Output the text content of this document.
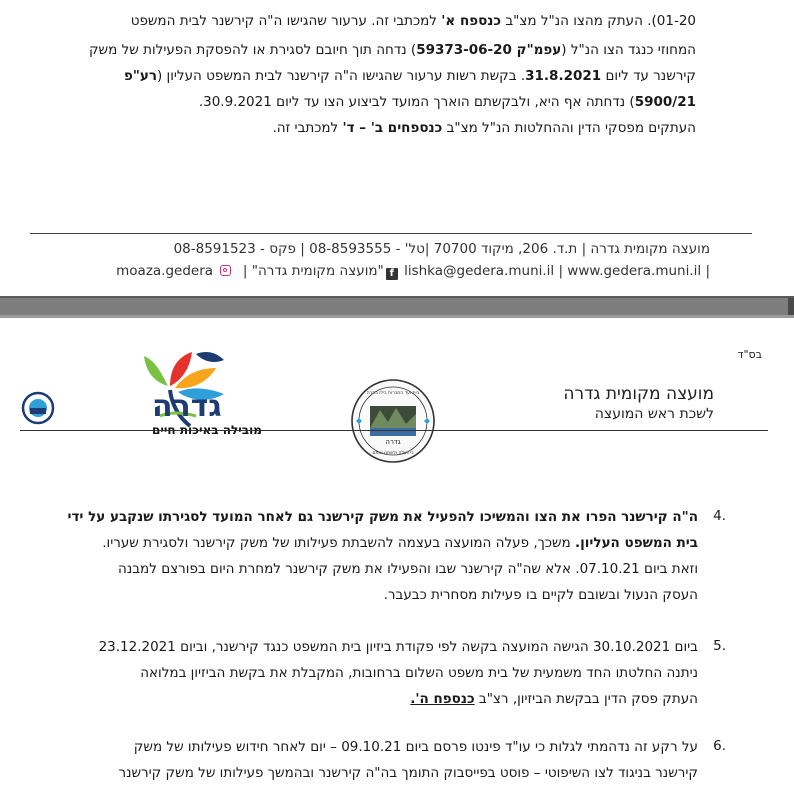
01-20). העתק מהצו הנ"ל מצ"ב כנספח א' למכתבי זה. ערעור שהגישו ה"ה קירשנר לבית המשפט
המחוזי כנגד הצו הנ"ל (עפמ"ק 59373-06-20) נדחה תוך חיובם לסגירת או להפסקת הפעילות של משק
קירשנר עד ליום 31.8.2021. בקשת רשות ערעור שהגישו ה"ה קירשנר לבית המשפט העליון (רע"פ
5900/21) נדחתה אף היא, ולבקשתם הוארך המועד לביצוע הצו עד ליום 30.9.2021.
העתקים מפסקי הדין וההחלטות הנ"ל מצ"ב כנספחים ב' – ד' למכתבי זה.
מועצה מקומית גדרה | ת.ד. 206, מיקוד 70700 |טל' - 08-8593555 | פקס - 08-8591523
moaza.gedera "מועצה מקומית גדרה" | f lishka@gedera.muni.il | www.gedera.muni.il |
בס"ד
גדרה
מובילה באיכות חיים
גדרה
בית ועד החברות בילו בהרה
כי נעלה ולשתנו אותם
מועצה מקומית גדרה
לשכת ראש המועצה
4.
ה"ה קירשנר הפרו את הצו והמשיכו להפעיל את משק קירשנר גם לאחר המועד לסגירתו שנקבע על ידי
בית המשפט העליון. משכך, פעלה המועצה בעצמה להשבתת פעילותו של משק קירשנר ולסגירת שעריו.
וזאת ביום 07.10.21. אלא שה"ה קירשנר שבו והפעילו את משק קירשנר למחרת היום בפורצם למבנה
העסק הנעול ובשובם לקיים בו פעילות מסחרית כבעבר.
5.
ביום 30.10.2021 הגישה המועצה בקשה לפי פקודת ביזיון בית המשפט כנגד קירשנר, וביום 23.12.2021
ניתנה החלטתו החד משמעית של בית משפט השלום ברחובות, המקבלת את בקשת הביזיון במלואה
העתק פסק הדין בבקשת הביזיון, רצ"ב כנספח ה'.
6.
על רקע זה נדהמתי לגלות כי עו"ד פינטו פרסם ביום 09.10.21 – יום לאחר חידוש פעילותו של משק
קירשנר בניגוד לצו השיפוטי – פוסט בפייסבוק התומך בה"ה קירשנר ובהמשך פעילותו של משק קירשנר
